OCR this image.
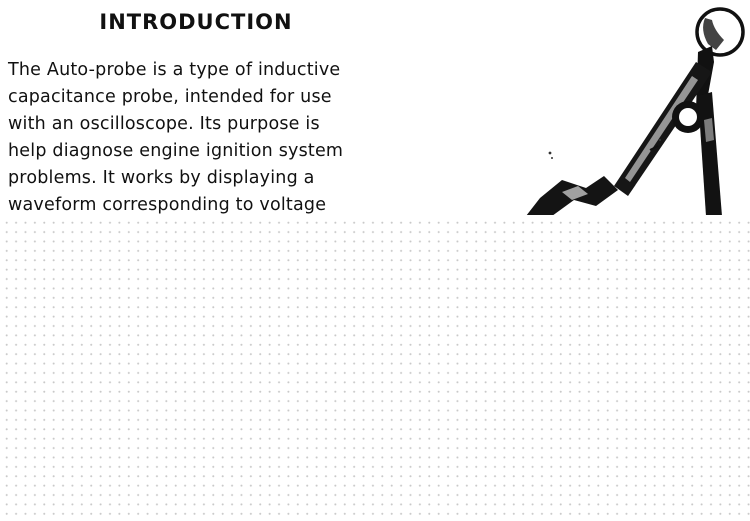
INTRODUCTION

The Auto-probe is a type of inductive
capacitance probe, intended for use
with an oscilloscope. Its purpose is
help diagnose engine ignition system
problems. It works by displaying a
waveform corresponding to voltage
